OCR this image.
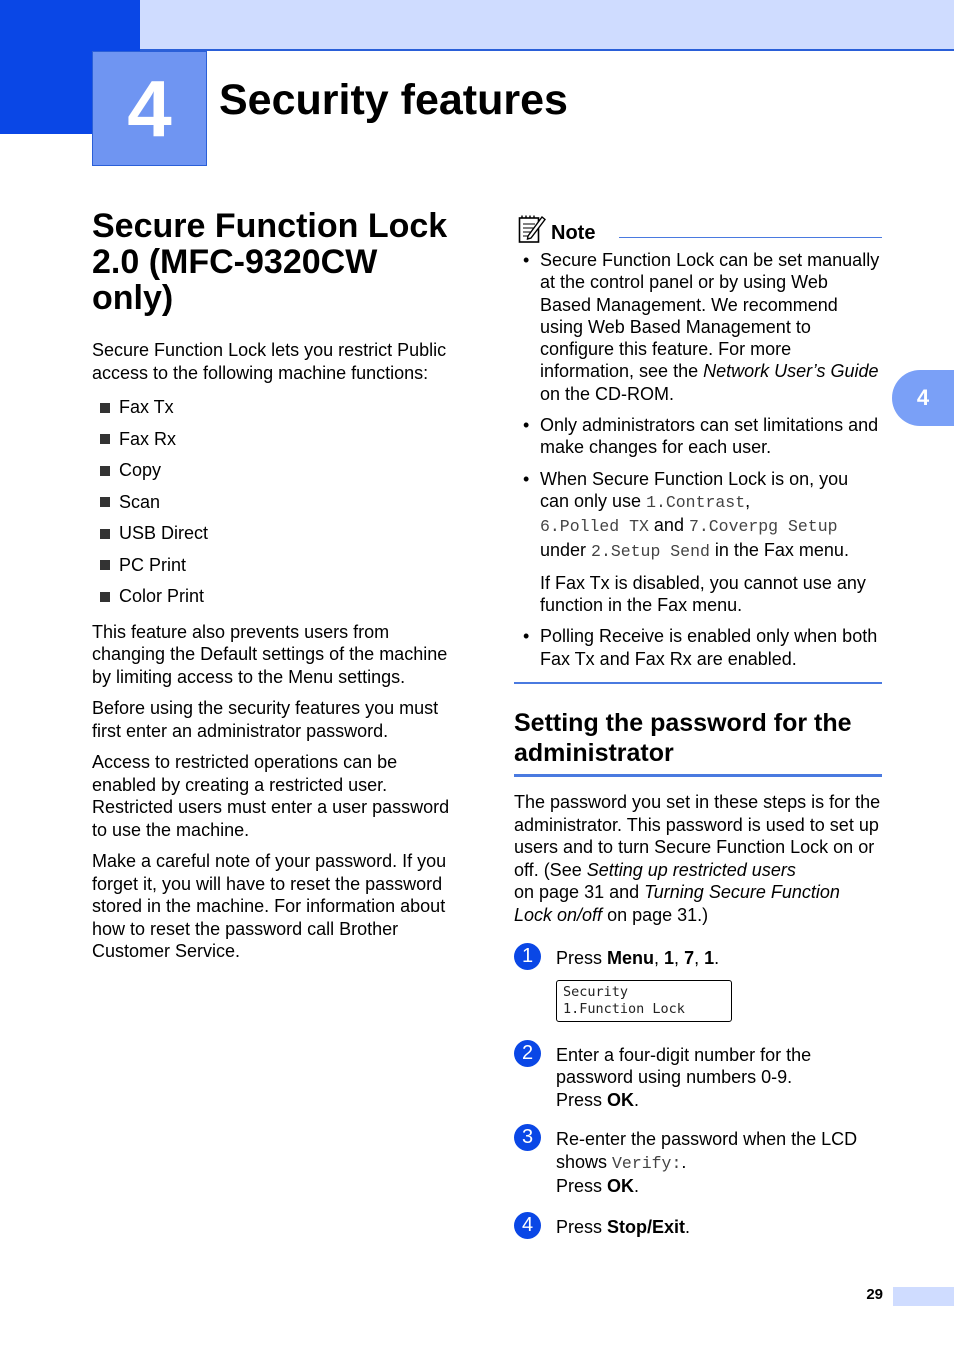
4 Security features
4
Secure Function Lock
2.0 (MFC-9320CW only)

Secure Function Lock lets you restrict Public access to the following machine functions:

Fax Tx
Fax Rx
Copy
Scan
USB Direct
PC Print
Color Print

This feature also prevents users from changing the Default settings of the machine by limiting access to the Menu settings.

Before using the security features you must first enter an administrator password.

Access to restricted operations can be enabled by creating a restricted user. Restricted users must enter a user password to use the machine.

Make a careful note of your password. If you forget it, you will have to reset the password stored in the machine. For information about how to reset the password call Brother Customer Service.

Note
• Secure Function Lock can be set manually at the control panel or by using Web Based Management. We recommend using Web Based Management to configure this feature. For more information, see the Network User’s Guide on the CD-ROM.
• Only administrators can set limitations and make changes for each user.
• When Secure Function Lock is on, you can only use 1.Contrast,
6.Polled TX and 7.Coverpg Setup
under 2.Setup Send in the Fax menu.
If Fax Tx is disabled, you cannot use any function in the Fax menu.
• Polling Receive is enabled only when both Fax Tx and Fax Rx are enabled.
Setting the password for the
administrator

The password you set in these steps is for the administrator. This password is used to set up users and to turn Secure Function Lock on or off. (See Setting up restricted users
on page 31 and Turning Secure Function Lock on/off on page 31.)

1	Press Menu, 1, 7, 1.
Security
1.Function Lock
2	Enter a four-digit number for the password using numbers 0-9.
Press OK.
3	Re-enter the password when the LCD shows Verify:.
Press OK.
4	Press Stop/Exit.
29
